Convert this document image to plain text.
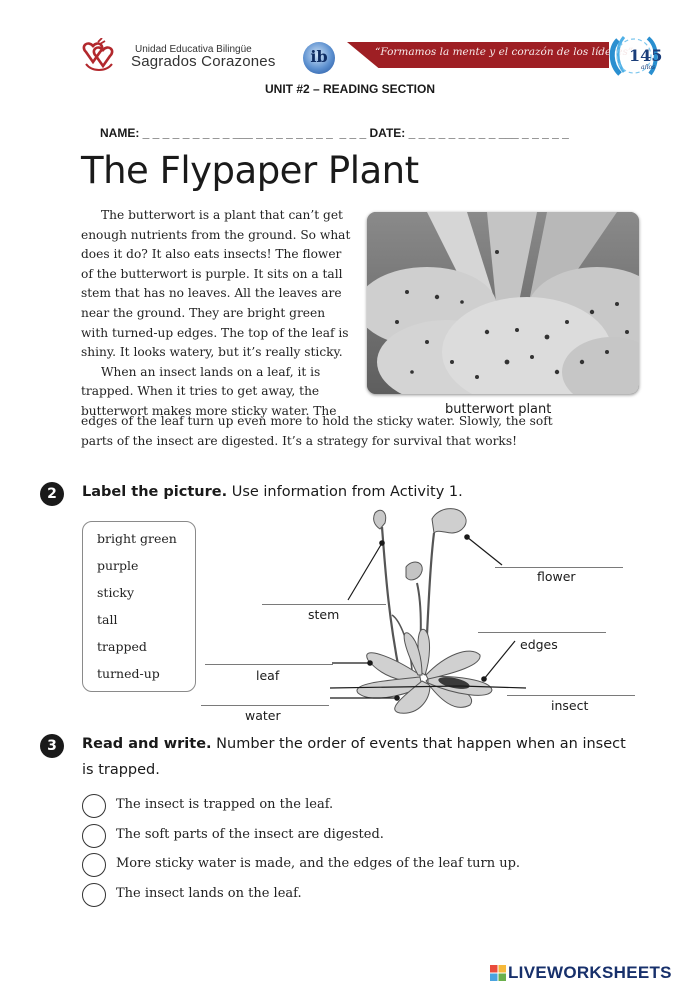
Unidad Educativa Bilingüe
Sagrados Corazones	ib	“Formamos la mente y el corazón de los líderes”
145
años
UNIT #2 – READING SECTION
NAME: _ _ _ _ _ _ _ _ _ ___ _ _ _ _ _ _ _ _  _ _ _ DATE: _ _ _ _ _ _ _ _ _ ___ _ _ _ _ _
The Flypaper Plant
The butterwort is a plant that can’t get
enough nutrients from the ground. So what
does it do? It also eats insects! The flower
of the butterwort is purple. It sits on a tall
stem that has no leaves. All the leaves are
near the ground. They are bright green
with turned-up edges. The top of the leaf is
shiny. It looks watery, but it’s really sticky.
When an insect lands on a leaf, it is
trapped. When it tries to get away, the
butterwort makes more sticky water. The
edges of the leaf turn up even more to hold the sticky water. Slowly, the soft
parts of the insect are digested. It’s a strategy for survival that works!
butterwort plant
2	Label the picture. Use information from Activity 1.
bright green
purple
sticky
tall
trapped
turned-up
stem
flower
edges
leaf
insect
water
3	Read and write. Number the order of events that happen when an insect
is trapped.
The insect is trapped on the leaf.
The soft parts of the insect are digested.
More sticky water is made, and the edges of the leaf turn up.
The insect lands on the leaf.
LIVEWORKSHEETS
